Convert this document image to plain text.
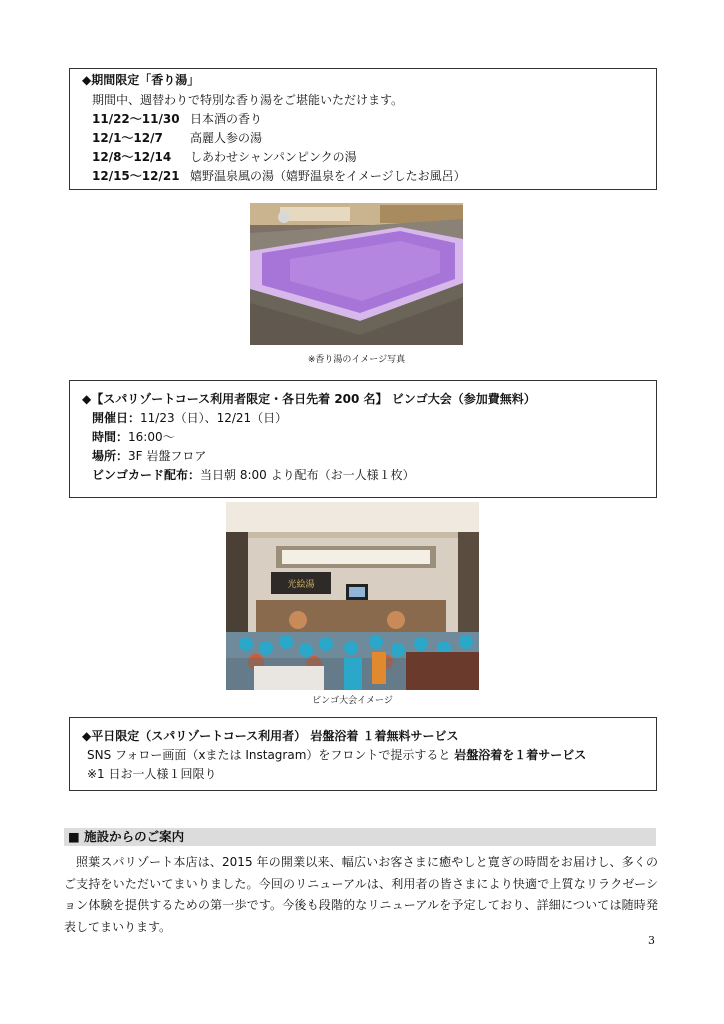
◆期間限定「香り湯」
期間中、週替わりで特別な香り湯をご堪能いただけます。
11/22～11/30 日本酒の香り
12/1～12/7 高麗人参の湯
12/8～12/14 しあわせシャンパンピンクの湯
12/15～12/21 嬉野温泉風の湯（嬉野温泉をイメージしたお風呂）
※香り湯のイメージ写真
◆【スパリゾートコース利用者限定・各日先着 200 名】 ビンゴ大会（参加費無料）
開催日：11/23（日）、12/21（日）
時間：16:00～
場所：3F 岩盤フロア
ビンゴカード配布：当日朝 8:00 より配布（お一人様１枚）
光絵湯
ビンゴ大会イメージ
◆平日限定（スパリゾートコース利用者） 岩盤浴着 １着無料サービス
SNS フォロー画面（xまたは Instagram）をフロントで提示すると 岩盤浴着を１着サービス
※1 日お一人様１回限り
■ 施設からのご案内
照葉スパリゾート本店は、2015 年の開業以来、幅広いお客さまに癒やしと寛ぎの時間をお届けし、多くのご支持をいただいてまいりました。今回のリニューアルは、利用者の皆さまにより快適で上質なリラクゼーション体験を提供するための第一歩です。今後も段階的なリニューアルを予定しており、詳細については随時発表してまいります。
3
